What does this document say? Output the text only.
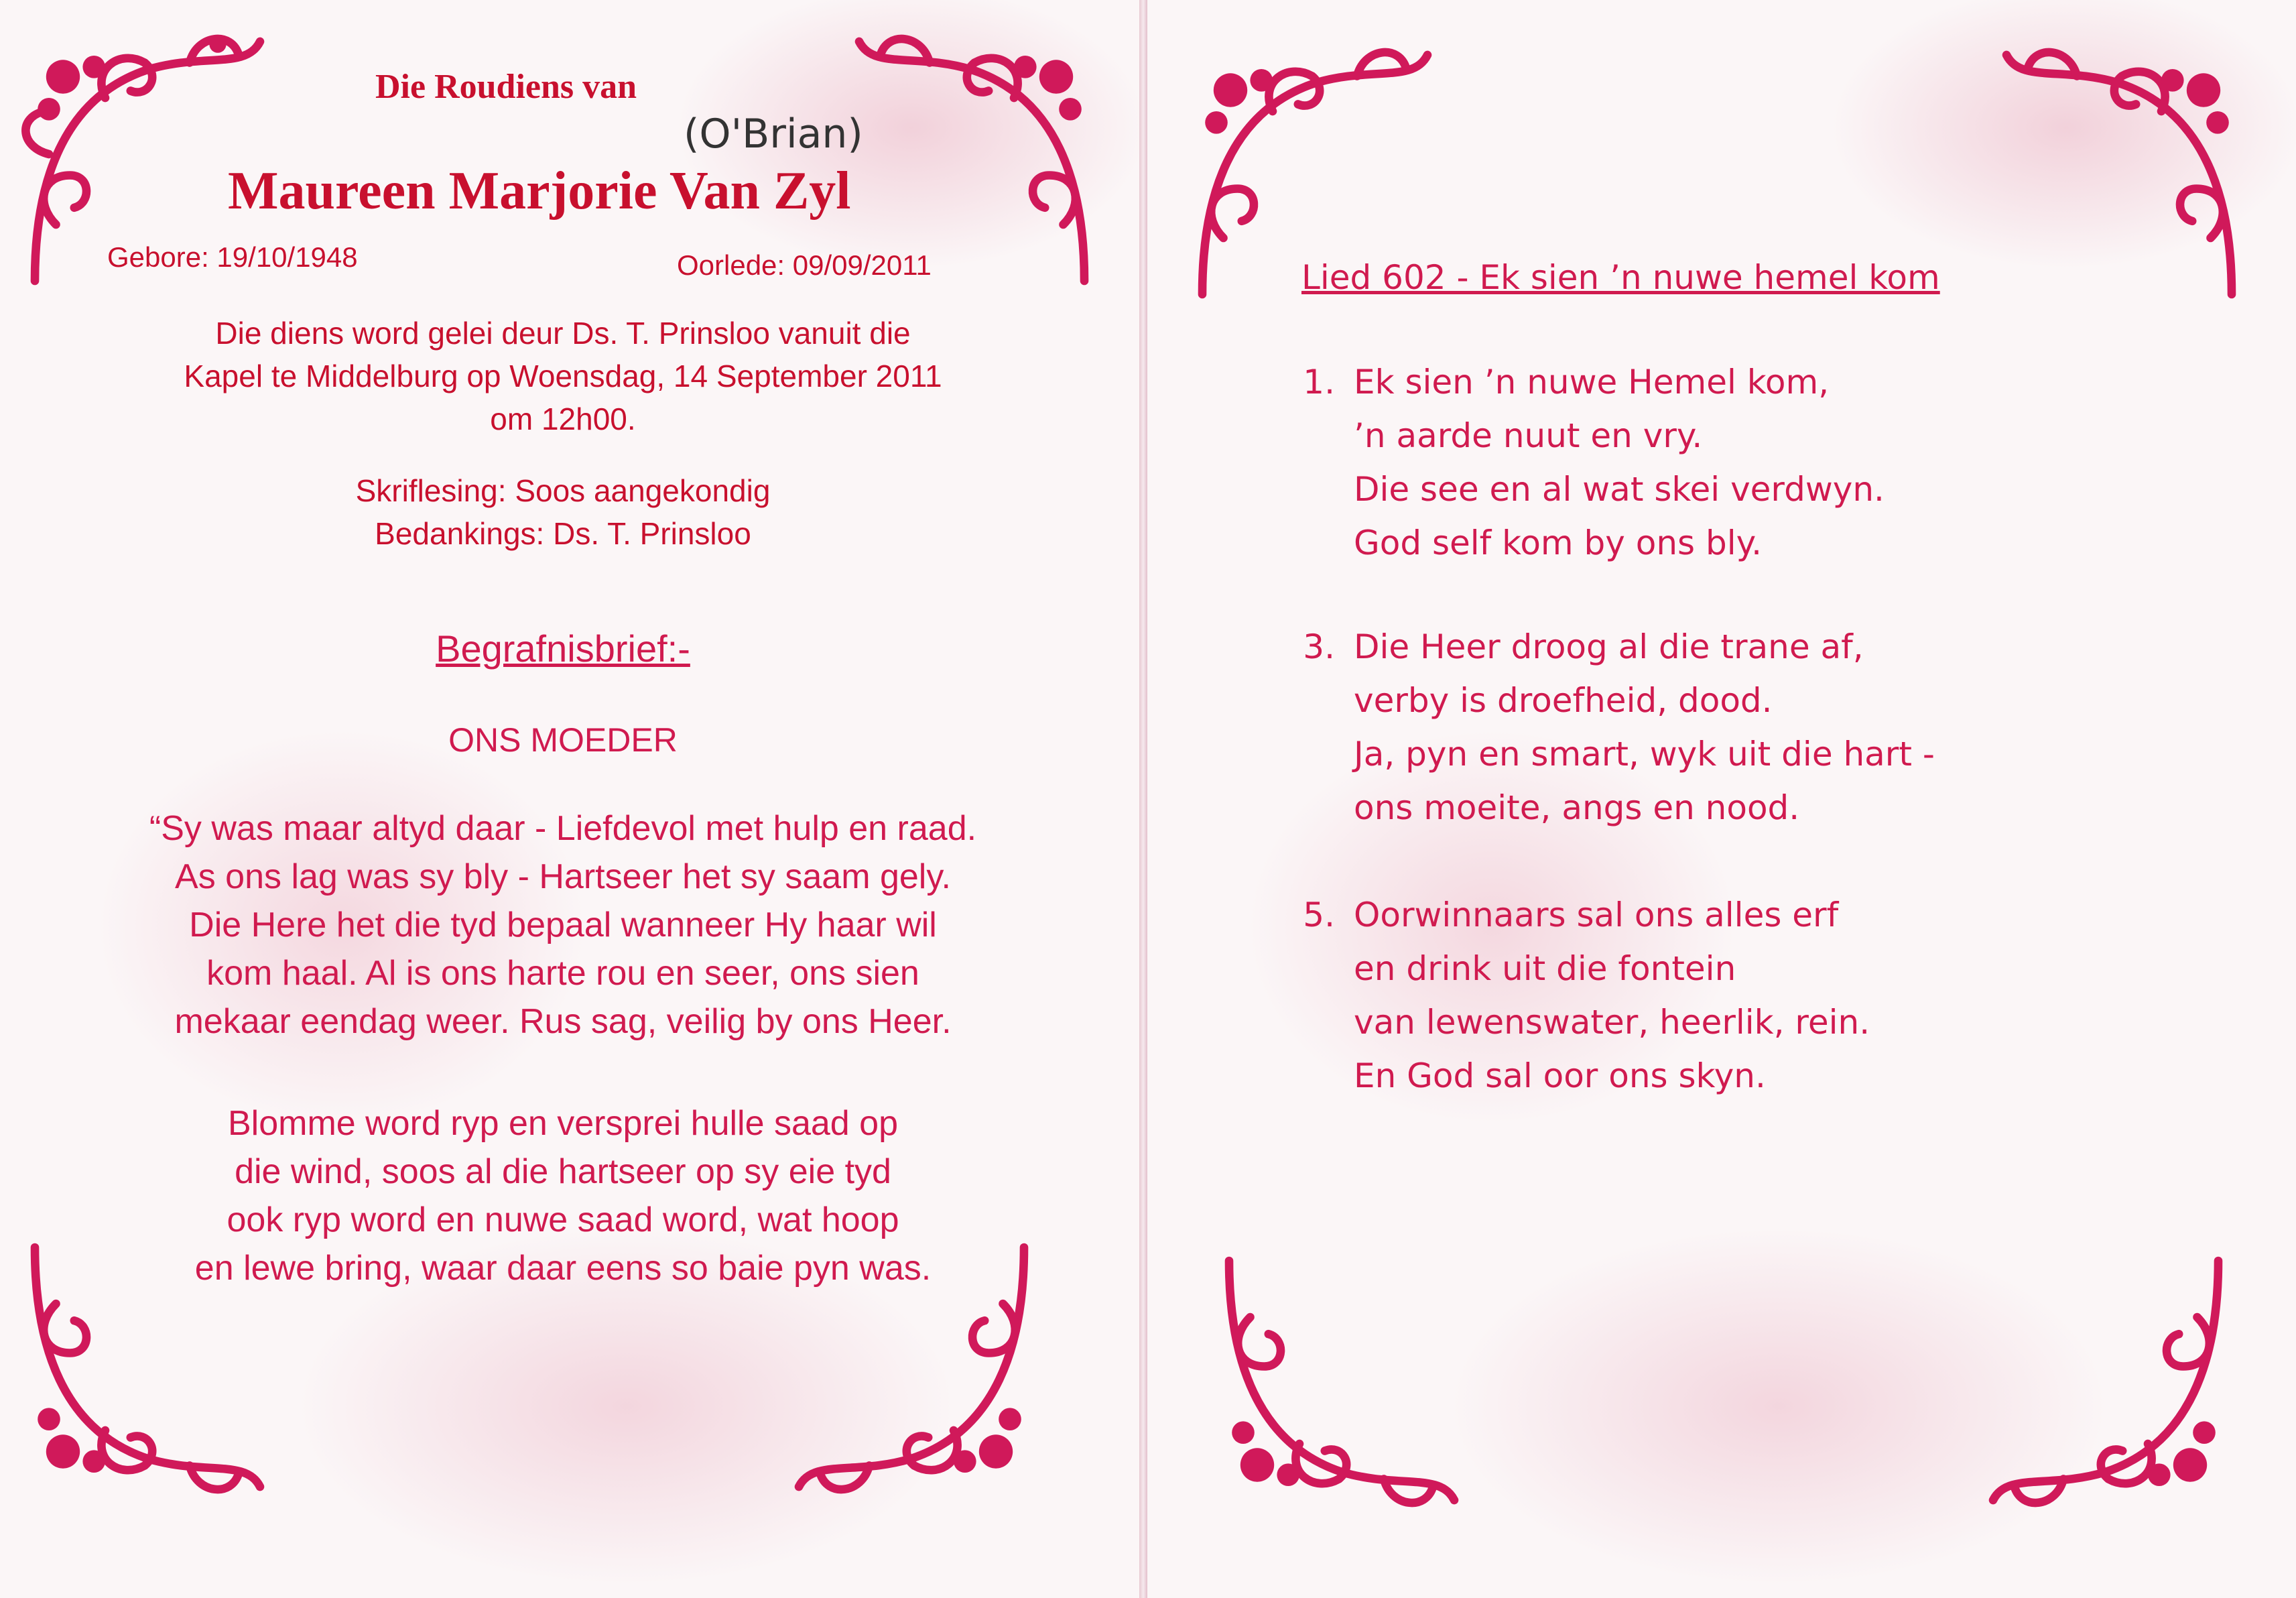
Die Roudiens van
(O'Brian)
Maureen Marjorie Van Zyl
Gebore: 19/10/1948	Oorlede: 09/09/2011
Die diens word gelei deur Ds. T. Prinsloo vanuit die
Kapel te Middelburg op Woensdag, 14 September 2011
om 12h00.
Skriflesing: Soos aangekondig
Bedankings: Ds. T. Prinsloo
Begrafnisbrief:-
ONS MOEDER
“Sy was maar altyd daar - Liefdevol met hulp en raad.
As ons lag was sy bly - Hartseer het sy saam gely.
Die Here het die tyd bepaal wanneer Hy haar wil
kom haal. Al is ons harte rou en seer, ons sien
mekaar eendag weer. Rus sag, veilig by ons Heer.
Blomme word ryp en versprei hulle saad op
die wind, soos al die hartseer op sy eie tyd
ook ryp word en nuwe saad word, wat hoop
en lewe bring, waar daar eens so baie pyn was.
Lied 602 - Ek sien ’n nuwe hemel kom
1. Ek sien ’n nuwe Hemel kom,
’n aarde nuut en vry.
Die see en al wat skei verdwyn.
God self kom by ons bly.
3. Die Heer droog al die trane af,
verby is droefheid, dood.
Ja, pyn en smart, wyk uit die hart -
ons moeite, angs en nood.
5. Oorwinnaars sal ons alles erf
en drink uit die fontein
van lewenswater, heerlik, rein.
En God sal oor ons skyn.
